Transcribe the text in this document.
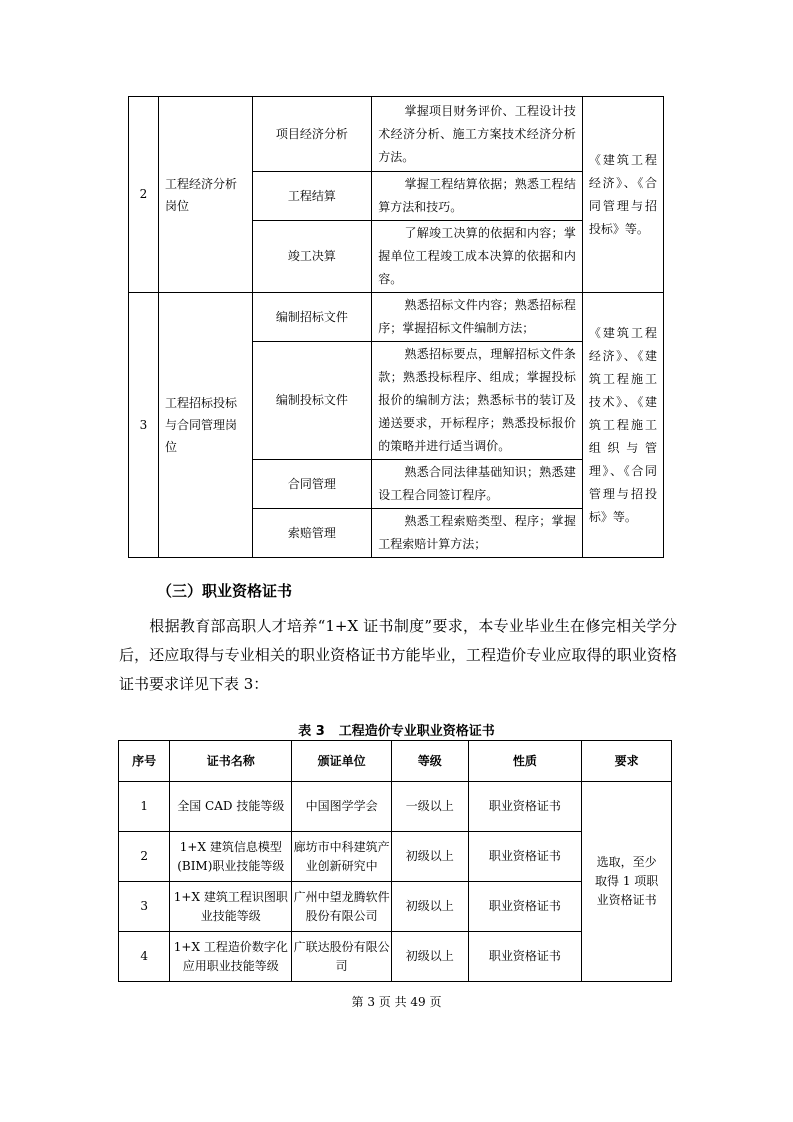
2	工程经济分析岗位	项目经济分析	掌握项目财务评价、工程设计技术经济分析、施工方案技术经济分析方法。	《建筑工程经济》、《合同管理与招投标》等。
		工程结算	掌握工程结算依据；熟悉工程结算方法和技巧。	
		竣工决算	了解竣工决算的依据和内容；掌握单位工程竣工成本决算的依据和内容。	
3	工程招标投标与合同管理岗位	编制招标文件	熟悉招标文件内容；熟悉招标程序；掌握招标文件编制方法；	《建筑工程经济》、《建筑工程施工技术》、《建筑工程施工组织与管理》、《合同管理与招投标》等。
		编制投标文件	熟悉招标要点，理解招标文件条款；熟悉投标程序、组成；掌握投标报价的编制方法；熟悉标书的装订及递送要求，开标程序；熟悉投标报价的策略并进行适当调价。	
		合同管理	熟悉合同法律基础知识；熟悉建设工程合同签订程序。	
		索赔管理	熟悉工程索赔类型、程序；掌握工程索赔计算方法；	
（三）职业资格证书

根据教育部高职人才培养“1+X 证书制度”要求，本专业毕业生在修完相关学分后，还应取得与专业相关的职业资格证书方能毕业，工程造价专业应取得的职业资格证书要求详见下表 3：

表 3 工程造价专业职业资格证书

序号	证书名称	颁证单位	等级	性质	要求
1	全国 CAD 技能等级	中国图学学会	一级以上	职业资格证书	选取，至少取得 1 项职业资格证书
2	1+X 建筑信息模型(BIM)职业技能等级	廊坊市中科建筑产业创新研究中	初级以上	职业资格证书	
3	1+X 建筑工程识图职业技能等级	广州中望龙腾软件股份有限公司	初级以上	职业资格证书	
4	1+X 工程造价数字化应用职业技能等级	广联达股份有限公司	初级以上	职业资格证书	

第 3 页 共 49 页
